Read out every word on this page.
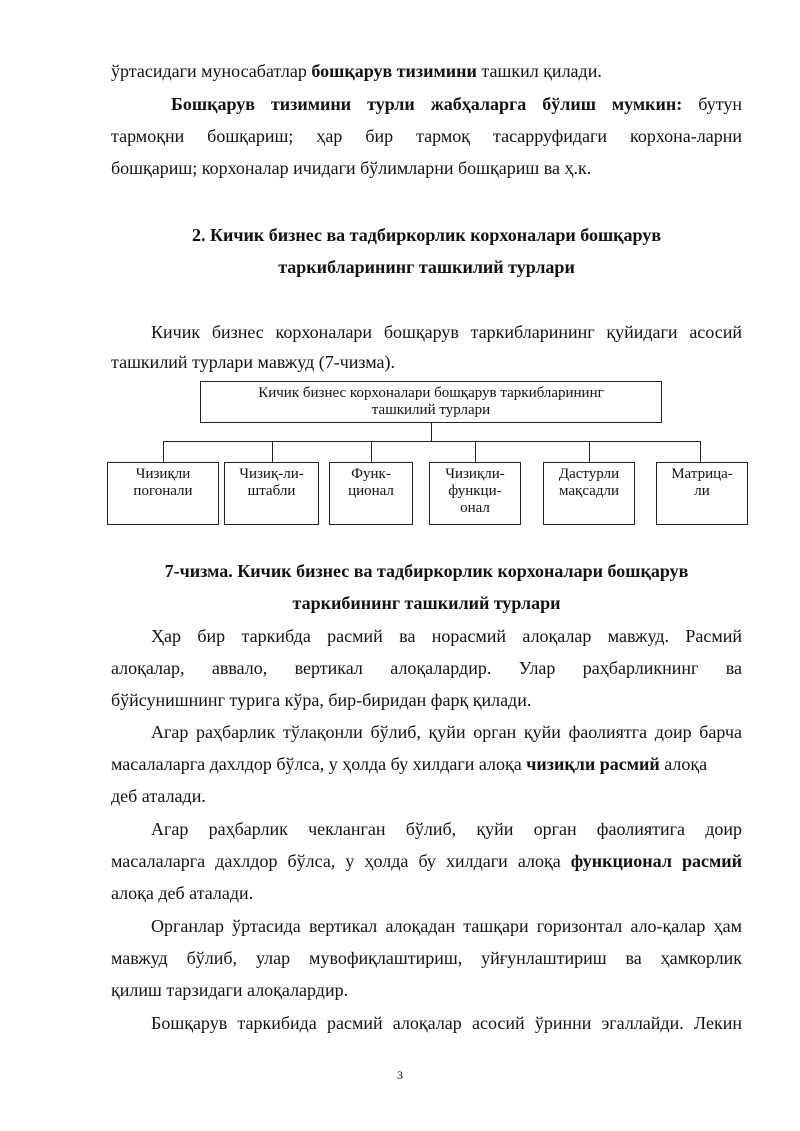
ўртасидаги муносабатлар бошқарув тизимини ташкил қилади.
Бошқарув тизимини турли жабҳаларга бўлиш мумкин: бутун
тармоқни бошқариш; ҳар бир тармоқ тасарруфидаги корхона-ларни
бошқариш; корхоналар ичидаги бўлимларни бошқариш ва ҳ.к.
2. Кичик бизнес ва тадбиркорлик корхоналари бошқарув
таркибларининг ташкилий турлари
Кичик бизнес корхоналари бошқарув таркибларининг қуйидаги асосий
ташкилий турлари мавжуд (7-чизма).
Кичик бизнес корхоналари бошқарув таркибларининг
ташкилий турлари
Чизиқли
погонали
Чизиқ-ли-
штабли
Функ-
ционал
Чизиқли-
функци-
онал
Дастурли
мақсадли
Матрица-
ли
7-чизма. Кичик бизнес ва тадбиркорлик корхоналари бошқарув
таркибининг ташкилий турлари
Ҳар бир таркибда расмий ва норасмий алоқалар мавжуд. Расмий
алоқалар, аввало, вертикал алоқалардир. Улар раҳбарликнинг ва
бўйсунишнинг турига кўра, бир-биридан фарқ қилади.
Агар раҳбарлик тўлақонли бўлиб, қуйи орган қуйи фаолиятга доир барча
масалаларга дахлдор бўлса, у ҳолда бу хилдаги алоқа чизиқли расмий алоқа
деб аталади.
Агар раҳбарлик чекланган бўлиб, қуйи орган фаолиятига доир
масалаларга дахлдор бўлса, у ҳолда бу хилдаги алоқа функционал расмий
алоқа деб аталади.
Органлар ўртасида вертикал алоқадан ташқари горизонтал ало-қалар ҳам
мавжуд бўлиб, улар мувофиқлаштириш, уйғунлаштириш ва ҳамкорлик
қилиш тарзидаги алоқалардир.
Бошқарув таркибида расмий алоқалар асосий ўринни эгаллайди. Лекин
3
